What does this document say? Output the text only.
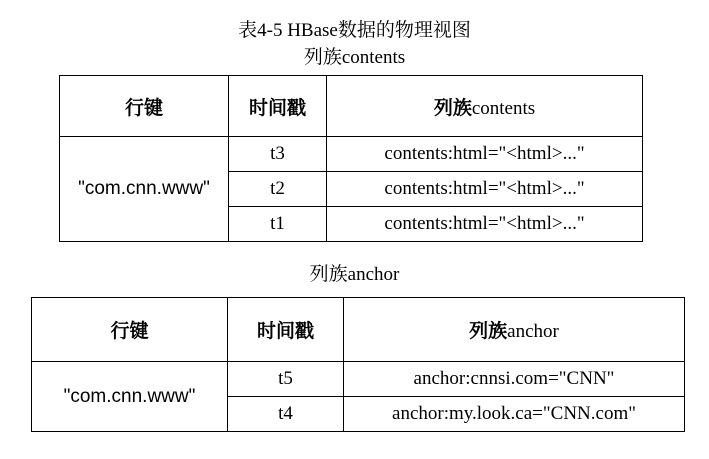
表4-5 HBase数据的物理视图
列族contents
行键	时间戳	列族contents
"com.cnn.www"	t3	contents:html="<html>..."
	t2	contents:html="<html>..."
	t1	contents:html="<html>..."
列族anchor
行键	时间戳	列族anchor
"com.cnn.www"	t5	anchor:cnnsi.com="CNN"
	t4	anchor:my.look.ca="CNN.com"
